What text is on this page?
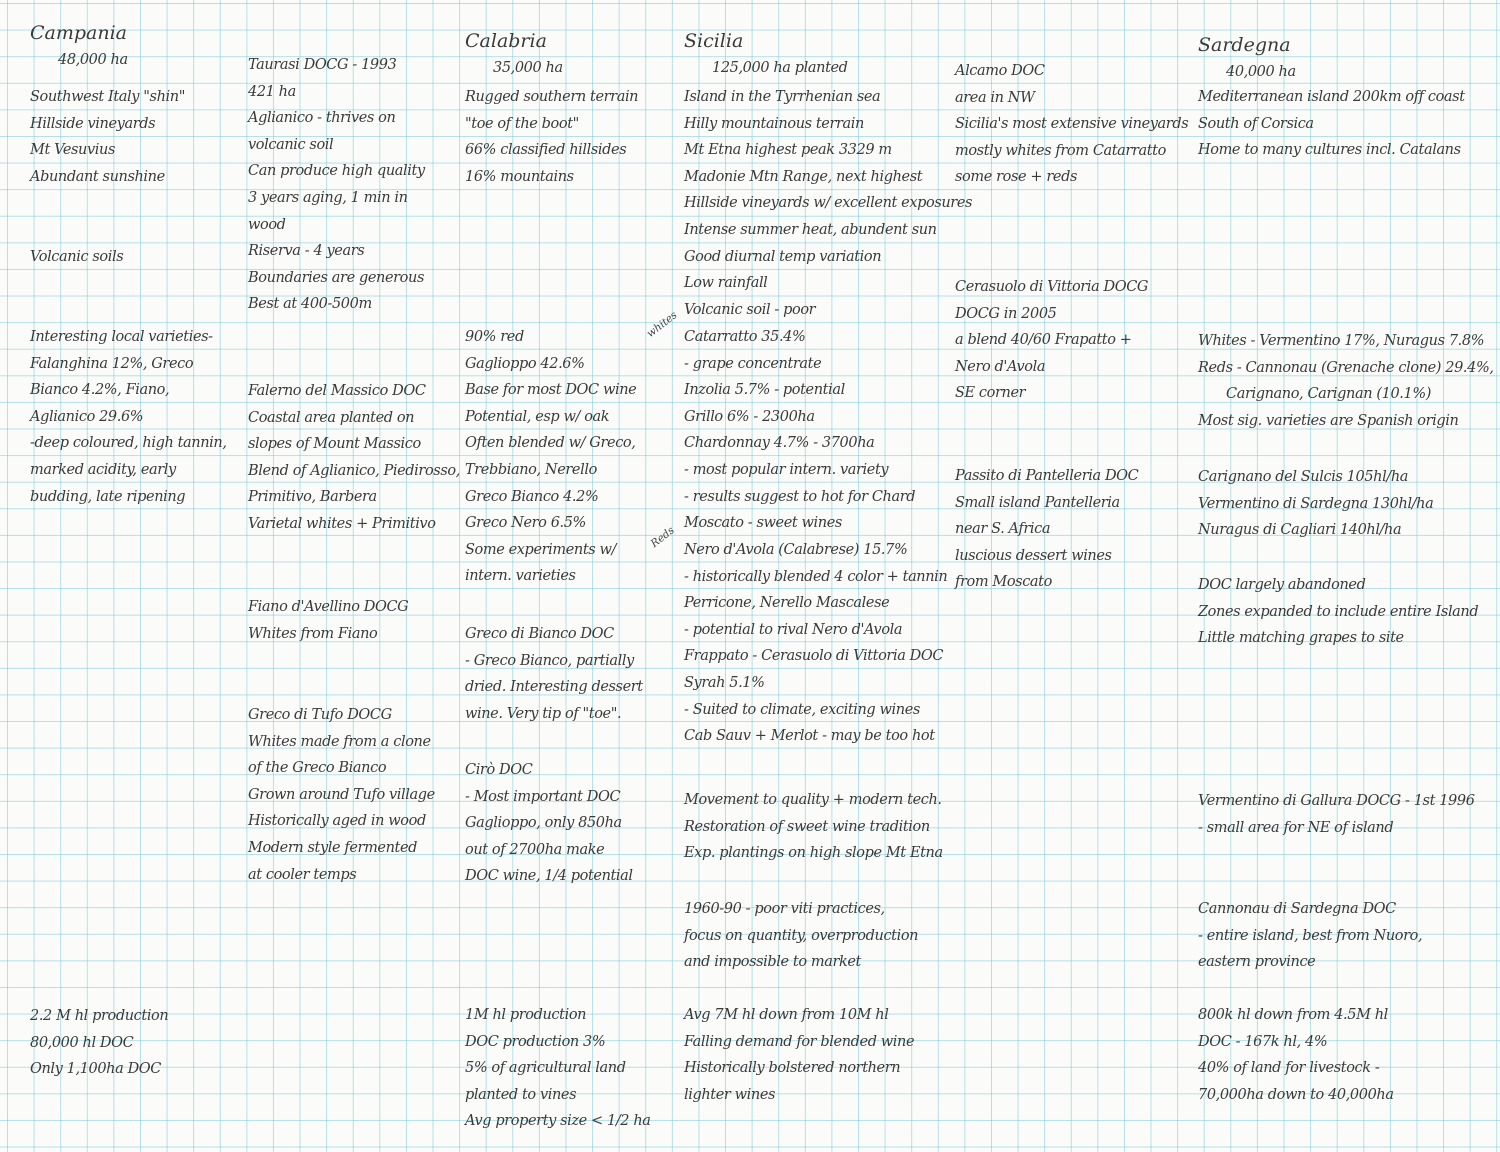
Campania
48,000 ha
Southwest Italy "shin"
Hillside vineyards
Mt Vesuvius
Abundant sunshine
Volcanic soils
Interesting local varieties-
Falanghina 12%, Greco
Bianco 4.2%, Fiano,
Aglianico 29.6%
-deep coloured, high tannin,
marked acidity, early
budding, late ripening
2.2 M hl production
80,000 hl DOC
Only 1,100ha DOC
Taurasi DOCG - 1993
421 ha
Aglianico - thrives on
volcanic soil
Can produce high quality
3 years aging, 1 min in
wood
Riserva - 4 years
Boundaries are generous
Best at 400-500m
Falerno del Massico DOC
Coastal area planted on
slopes of Mount Massico
Blend of Aglianico, Piedirosso,
Primitivo, Barbera
Varietal whites + Primitivo
Fiano d'Avellino DOCG
Whites from Fiano
Greco di Tufo DOCG
Whites made from a clone
of the Greco Bianco
Grown around Tufo village
Historically aged in wood
Modern style fermented
at cooler temps
Calabria
35,000 ha
Rugged southern terrain
"toe of the boot"
66% classified hillsides
16% mountains
90% red
Gaglioppo 42.6%
Base for most DOC wine
Potential, esp w/ oak
Often blended w/ Greco,
Trebbiano, Nerello
Greco Bianco 4.2%
Greco Nero 6.5%
Some experiments w/
intern. varieties
Greco di Bianco DOC
- Greco Bianco, partially
dried. Interesting dessert
wine. Very tip of "toe".
Cirò DOC
- Most important DOC
Gaglioppo, only 850ha
out of 2700ha make
DOC wine, 1/4 potential
1M hl production
DOC production 3%
5% of agricultural land
planted to vines
Avg property size < 1/2 ha
Sicilia
125,000 ha planted
Island in the Tyrrhenian sea
Hilly mountainous terrain
Mt Etna highest peak 3329 m
Madonie Mtn Range, next highest
Hillside vineyards w/ excellent exposures
Intense summer heat, abundent sun
Good diurnal temp variation
Low rainfall
Volcanic soil - poor
Catarratto 35.4%
- grape concentrate
Inzolia 5.7% - potential
Grillo 6% - 2300ha
Chardonnay 4.7% - 3700ha
- most popular intern. variety
- results suggest to hot for Chard
Moscato - sweet wines
Nero d'Avola (Calabrese) 15.7%
- historically blended 4 color + tannin
Perricone, Nerello Mascalese
- potential to rival Nero d'Avola
Frappato - Cerasuolo di Vittoria DOC
Syrah 5.1%
- Suited to climate, exciting wines
Cab Sauv + Merlot - may be too hot
Movement to quality + modern tech.
Restoration of sweet wine tradition
Exp. plantings on high slope Mt Etna
1960-90 - poor viti practices,
focus on quantity, overproduction
and impossible to market
Avg 7M hl down from 10M hl
Falling demand for blended wine
Historically bolstered northern
lighter wines
whites
Reds
Alcamo DOC
area in NW
Sicilia's most extensive vineyards
mostly whites from Catarratto
some rose + reds
Cerasuolo di Vittoria DOCG
DOCG in 2005
a blend 40/60 Frapatto +
Nero d'Avola
SE corner
Passito di Pantelleria DOC
Small island Pantelleria
near S. Africa
luscious dessert wines
from Moscato
Sardegna
40,000 ha
Mediterranean island 200km off coast
South of Corsica
Home to many cultures incl. Catalans
Whites - Vermentino 17%, Nuragus 7.8%
Reds - Cannonau (Grenache clone) 29.4%,
Carignano, Carignan (10.1%)
Most sig. varieties are Spanish origin
Carignano del Sulcis 105hl/ha
Vermentino di Sardegna 130hl/ha
Nuragus di Cagliari 140hl/ha
DOC largely abandoned
Zones expanded to include entire Island
Little matching grapes to site
Vermentino di Gallura DOCG - 1st 1996
- small area for NE of island
Cannonau di Sardegna DOC
- entire island, best from Nuoro,
eastern province
800k hl down from 4.5M hl
DOC - 167k hl, 4%
40% of land for livestock -
70,000ha down to 40,000ha
